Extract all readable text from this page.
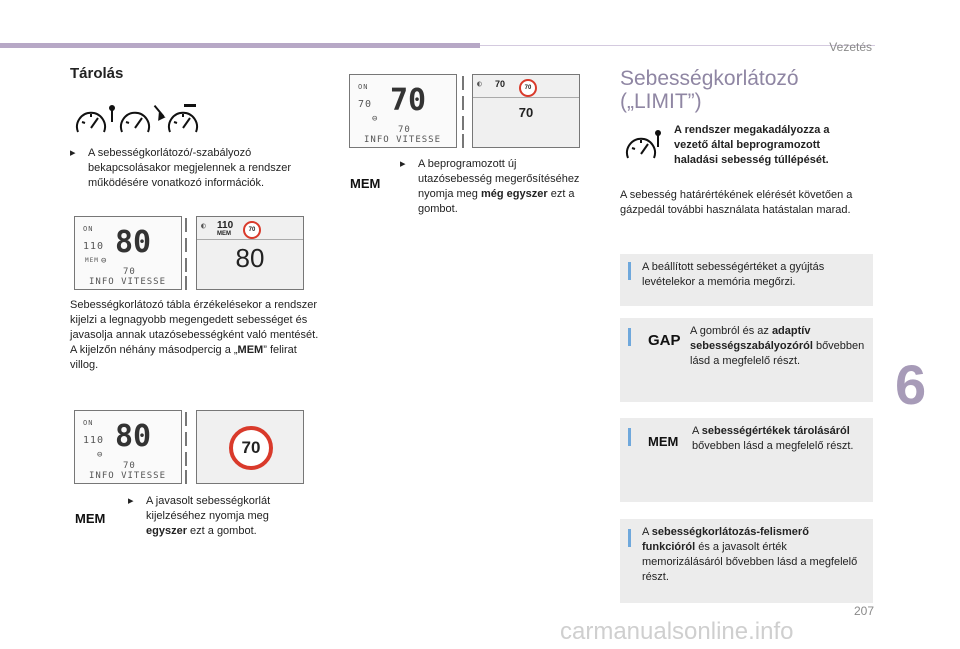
Vezetés
6
207
Tárolás
▸	A sebességkorlátozó/-szabályozó bekapcsolásakor megjelennek a rendszer működésére vonatkozó információk.
ON
110
MEM ⊖
80
70
INFO VITESSE
◐ 110
MEM
70
80
Sebességkorlátozó tábla érzékelésekor a rendszer kijelzi a legnagyobb megengedett sebességet és javasolja annak utazósebességként való mentését.
A kijelzőn néhány másodpercig a „MEM” felirat villog.
ON
110
⊖
80
70
INFO VITESSE
70
MEM
▸	A javasolt sebességkorlát kijelzéséhez nyomja meg egyszer ezt a gombot.
ON
70
⊖
70
70
INFO VITESSE
◐ 70	70
70
MEM
▸	A beprogramozott új utazósebesség megerősítéséhez nyomja meg még egyszer ezt a gombot.
Sebességkorlátozó
(„LIMIT”)
A rendszer megakadályozza a vezető által beprogramozott haladási sebesség túllépését.
A sebesség határértékének elérését követően a gázpedál további használata hatástalan marad.
A beállított sebességértéket a gyújtás levételekor a memória megőrzi.
GAP
A gombról és az adaptív sebességszabályozóról bővebben lásd a megfelelő részt.
MEM
A sebességértékek tárolásáról bővebben lásd a megfelelő részt.
A sebességkorlátozás-felismerő funkcióról és a javasolt érték memorizálásáról bővebben lásd a megfelelő részt.
carmanualsonline.info
